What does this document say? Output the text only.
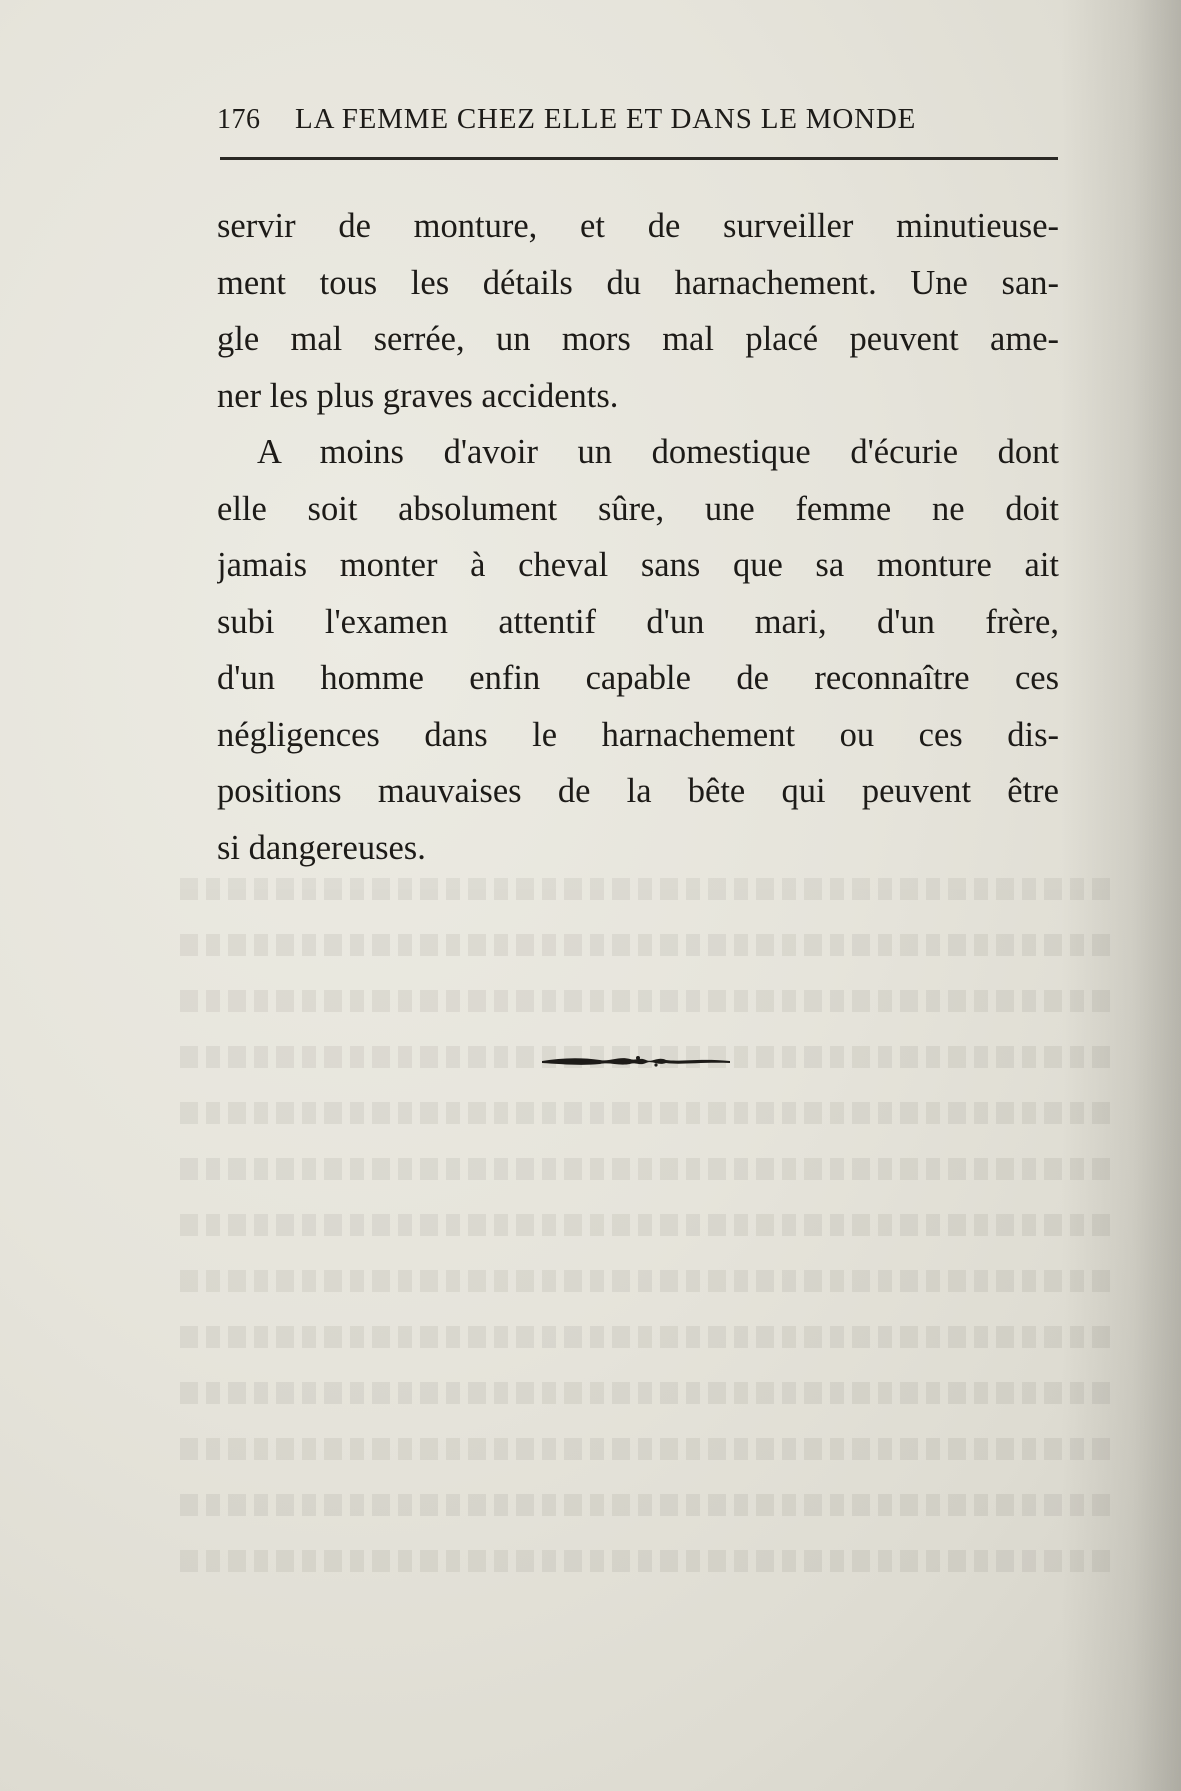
176 LA FEMME CHEZ ELLE ET DANS LE MONDE
servir de monture, et de surveiller minutieuse-
ment tous les détails du harnachement. Une san-
gle mal serrée, un mors mal placé peuvent ame-
ner les plus graves accidents.
A moins d'avoir un domestique d'écurie dont
elle soit absolument sûre, une femme ne doit
jamais monter à cheval sans que sa monture ait
subi l'examen attentif d'un mari, d'un frère,
d'un homme enfin capable de reconnaître ces
négligences dans le harnachement ou ces dis-
positions mauvaises de la bête qui peuvent être
si dangereuses.
